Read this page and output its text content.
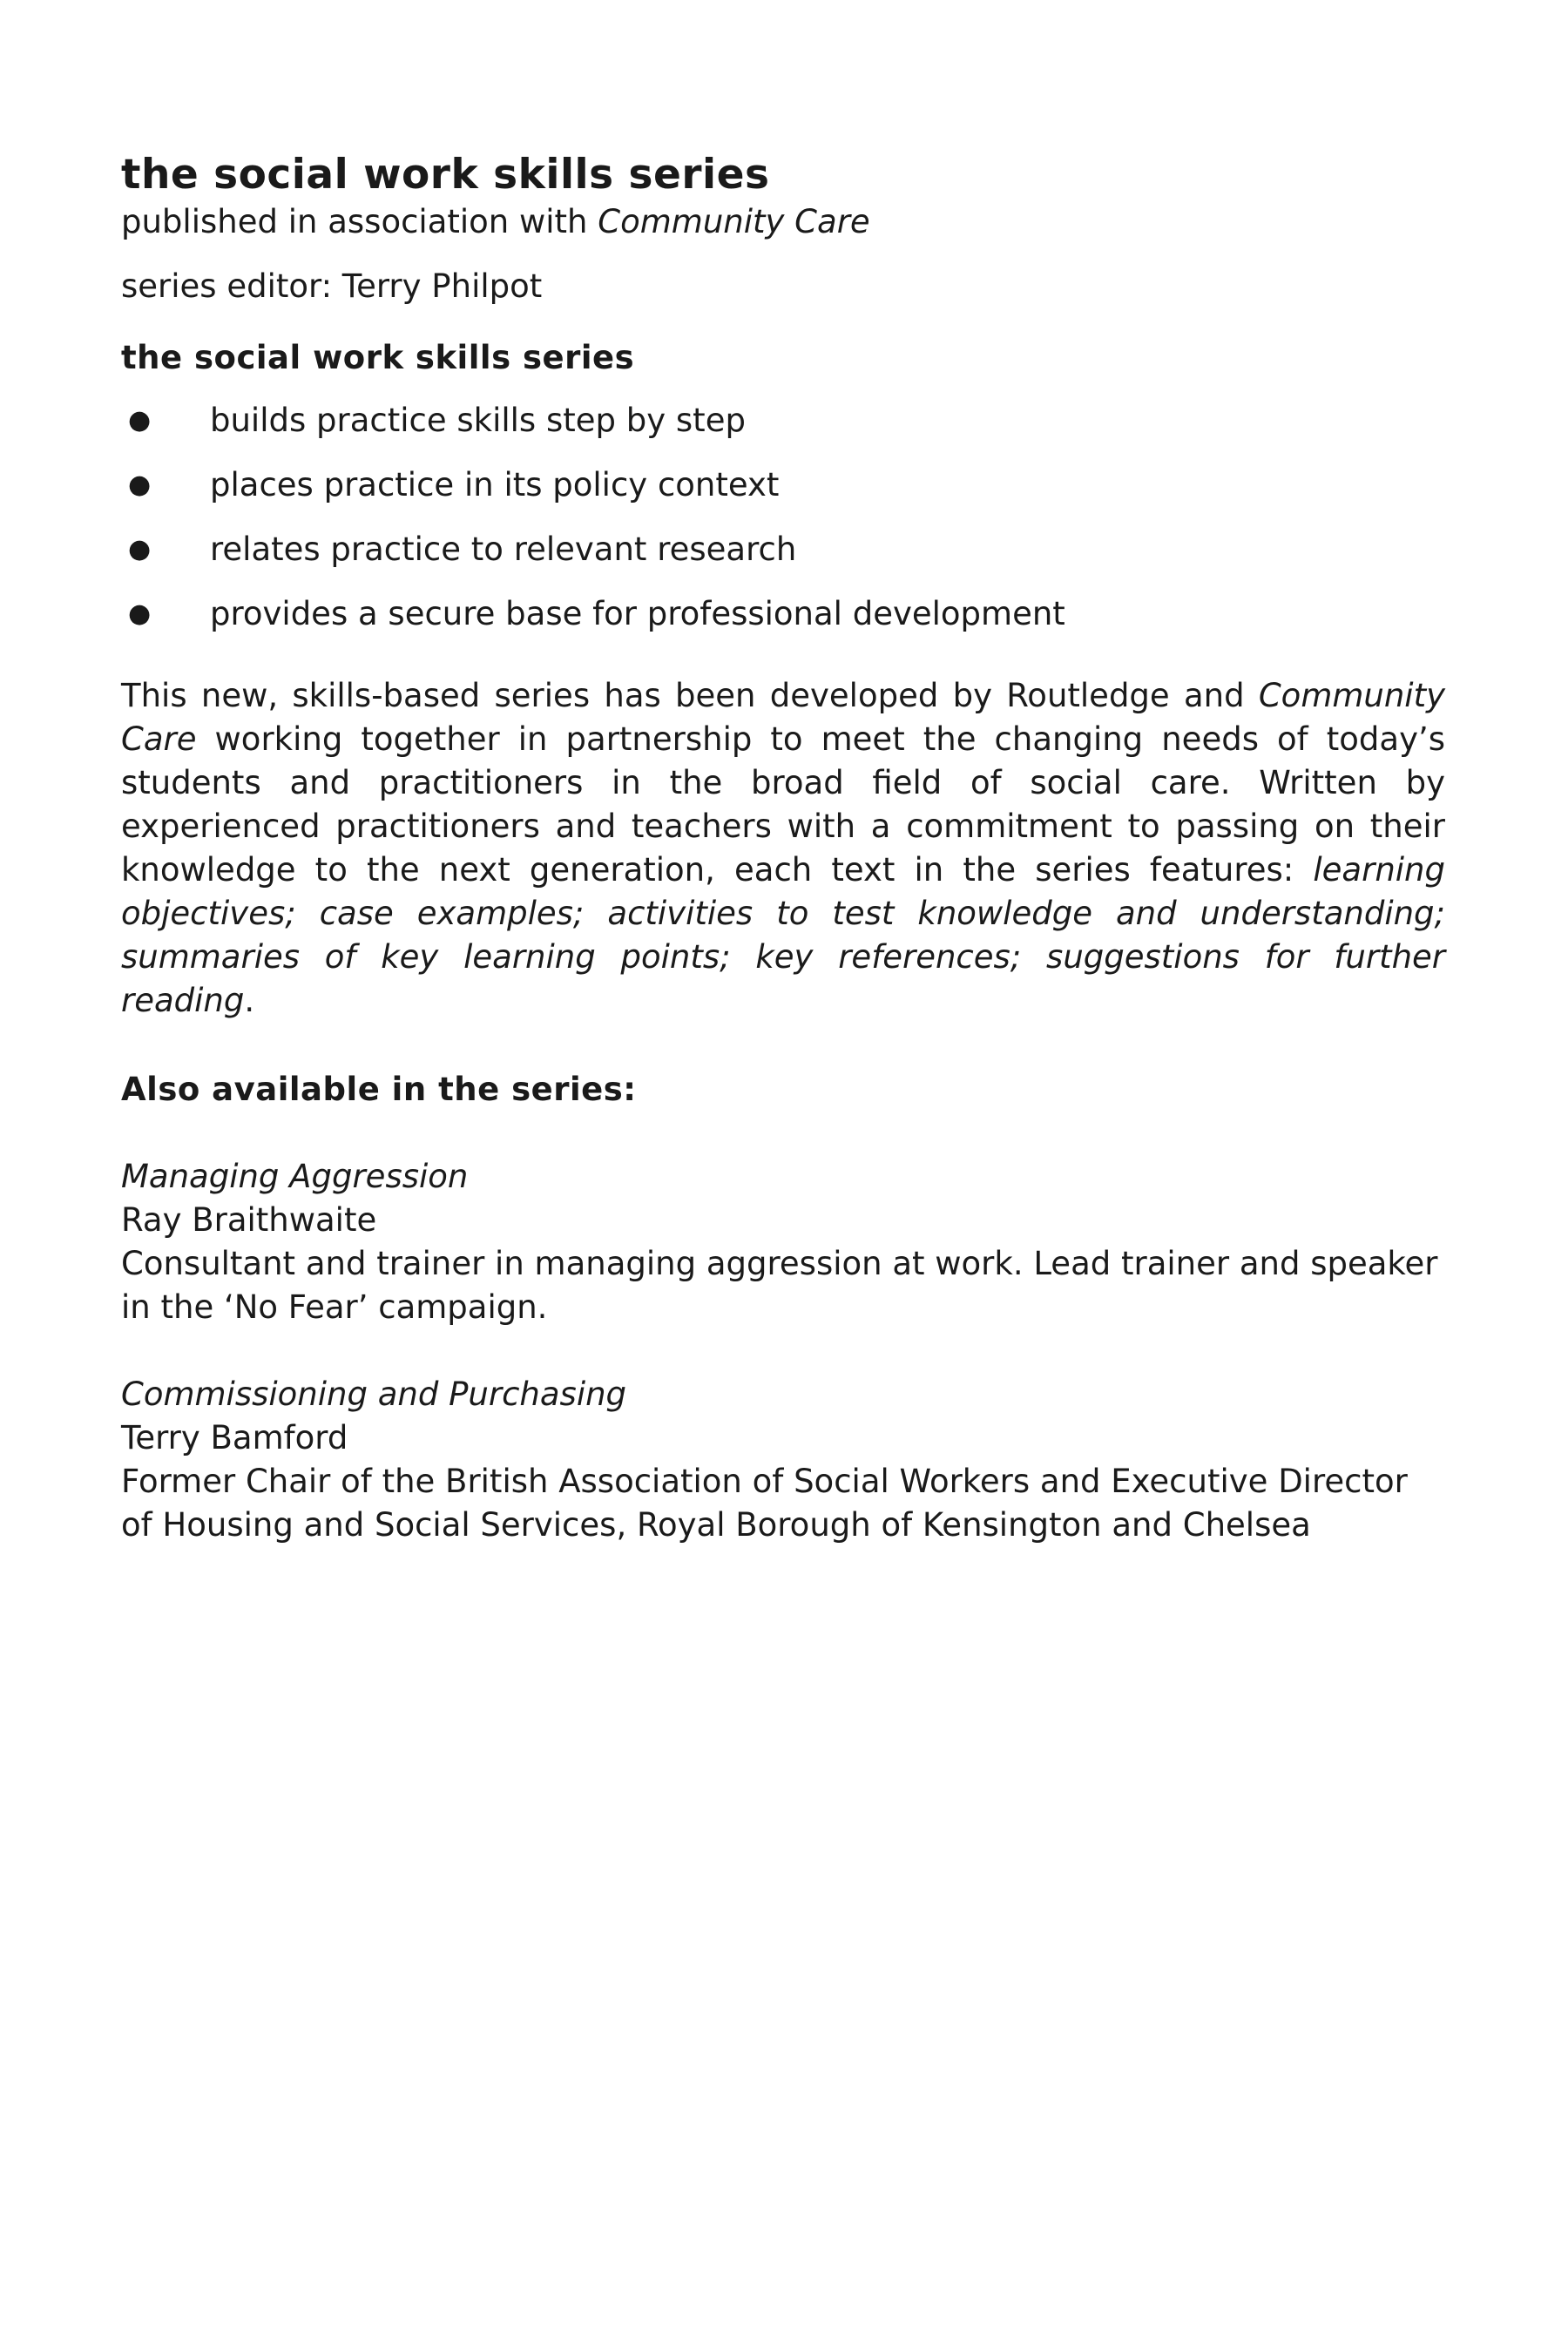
the social work skills series

published in association with Community Care

series editor: Terry Philpot

the social work skills series
● builds practice skills step by step
● places practice in its policy context
● relates practice to relevant research
● provides a secure base for professional development

This new, skills-based series has been developed by Routledge and Community Care working together in partnership to meet the changing needs of today’s students and practitioners in the broad field of social care. Written by experienced practitioners and teachers with a commitment to passing on their knowledge to the next generation, each text in the series features: learning objectives; case examples; activities to test knowledge and understanding; summaries of key learning points; key references; suggestions for further reading.

Also available in the series:
Managing Aggression
Ray Braithwaite
Consultant and trainer in managing aggression at work. Lead trainer and speaker in the ‘No Fear’ campaign.
Commissioning and Purchasing
Terry Bamford
Former Chair of the British Association of Social Workers and Executive Director of Housing and Social Services, Royal Borough of Kensington and Chelsea
